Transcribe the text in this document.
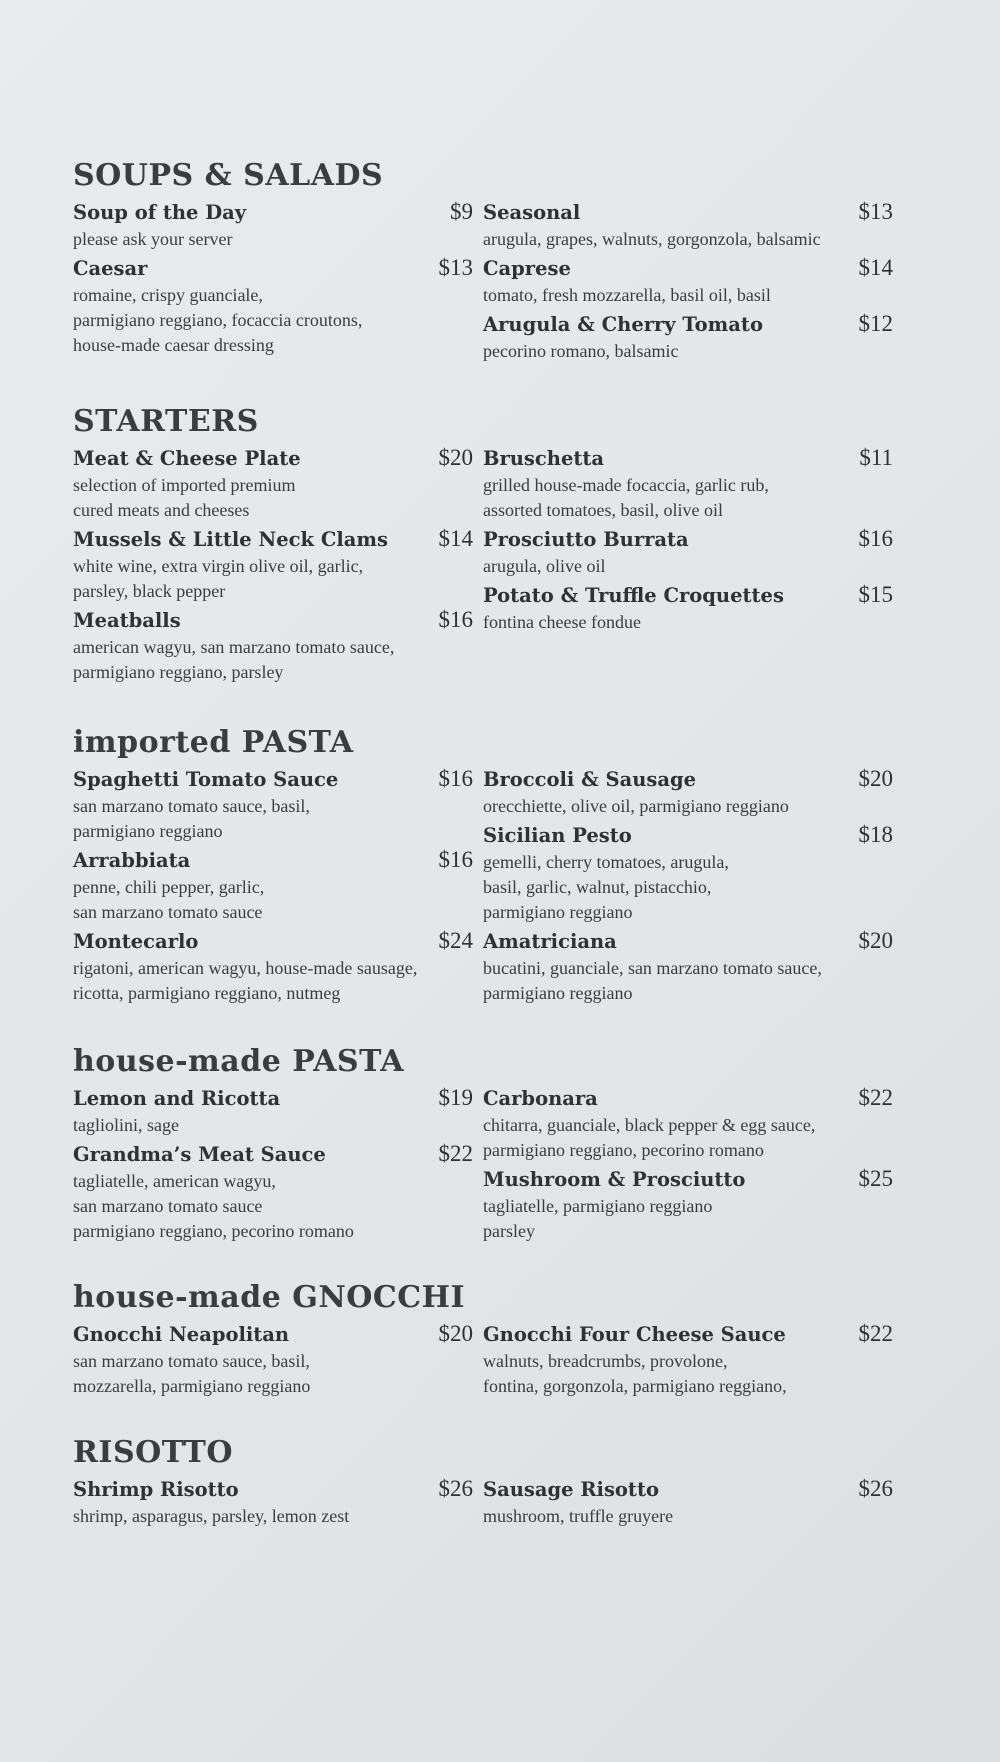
SOUPS & SALADS
Soup of the Day	$9
please ask your server
Caesar	$13
romaine, crispy guanciale,
parmigiano reggiano, focaccia croutons,
house-made caesar dressing
Seasonal	$13
arugula, grapes, walnuts, gorgonzola, balsamic
Caprese	$14
tomato, fresh mozzarella, basil oil, basil
Arugula & Cherry Tomato	$12
pecorino romano, balsamic
STARTERS
Meat & Cheese Plate	$20
selection of imported premium
cured meats and cheeses
Mussels & Little Neck Clams $14
white wine, extra virgin olive oil, garlic,
parsley, black pepper
Meatballs	$16
american wagyu, san marzano tomato sauce,
parmigiano reggiano, parsley
Bruschetta	$11
grilled house-made focaccia, garlic rub,
assorted tomatoes, basil, olive oil
Prosciutto Burrata	$16
arugula, olive oil
Potato & Truffle Croquettes	$15
fontina cheese fondue
imported PASTA
Spaghetti Tomato Sauce	$16
san marzano tomato sauce, basil,
parmigiano reggiano
Arrabbiata	$16
penne, chili pepper, garlic,
san marzano tomato sauce
Montecarlo	$24
rigatoni, american wagyu, house-made sausage,
ricotta, parmigiano reggiano, nutmeg
Broccoli & Sausage	$20
orecchiette, olive oil, parmigiano reggiano
Sicilian Pesto	$18
gemelli, cherry tomatoes, arugula,
basil, garlic, walnut, pistacchio,
parmigiano reggiano
Amatriciana	$20
bucatini, guanciale, san marzano tomato sauce,
parmigiano reggiano
house-made PASTA
Lemon and Ricotta	$19
tagliolini, sage
Grandma’s Meat Sauce	$22
tagliatelle, american wagyu,
san marzano tomato sauce
parmigiano reggiano, pecorino romano
Carbonara	$22
chitarra, guanciale, black pepper & egg sauce,
parmigiano reggiano, pecorino romano
Mushroom & Prosciutto	$25
tagliatelle, parmigiano reggiano
parsley
house-made GNOCCHI
Gnocchi Neapolitan	$20
san marzano tomato sauce, basil,
mozzarella, parmigiano reggiano
Gnocchi Four Cheese Sauce	$22
walnuts, breadcrumbs, provolone,
fontina, gorgonzola, parmigiano reggiano,
RISOTTO
Shrimp Risotto	$26
shrimp, asparagus, parsley, lemon zest
Sausage Risotto	$26
mushroom, truffle gruyere
